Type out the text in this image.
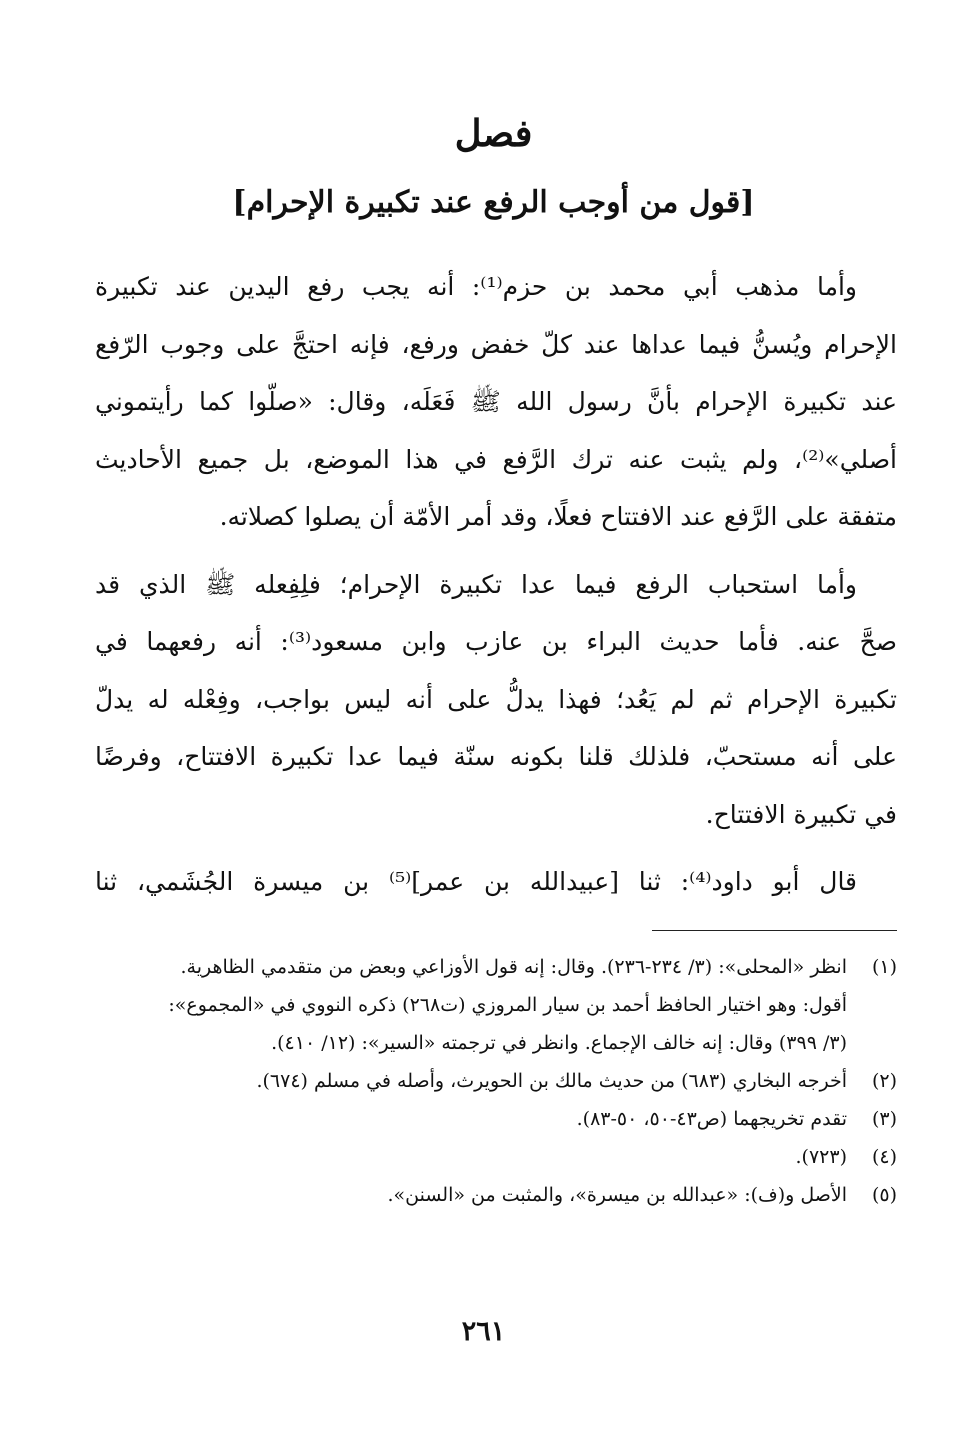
فصل
[قول من أوجب الرفع عند تكبيرة الإحرام]
وأما مذهب أبي محمد بن حزم⁽¹⁾: أنه يجب رفع اليدين عند تكبيرة
الإحرام ويُسنُّ فيما عداها عند كلّ خفض ورفع، فإنه احتجَّ على وجوب الرّفع
عند تكبيرة الإحرام بأنَّ رسول الله ﷺ فَعَلَه، وقال: «صلّوا كما رأيتموني
أصلي»⁽²⁾، ولم يثبت عنه ترك الرَّفع في هذا الموضع، بل جميع الأحاديث
متفقة على الرَّفع عند الافتتاح فعلًا، وقد أمر الأمّة أن يصلوا كصلاته.
وأما استحباب الرفع فيما عدا تكبيرة الإحرام؛ فلِفِعله ﷺ الذي قد
صحَّ عنه. فأما حديث البراء بن عازب وابن مسعود⁽³⁾: أنه رفعهما في
تكبيرة الإحرام ثم لم يَعُد؛ فهذا يدلُّ على أنه ليس بواجب، وفِعْله له يدلّ
على أنه مستحبّ، فلذلك قلنا بكونه سنّة فيما عدا تكبيرة الافتتاح، وفرضًا
في تكبيرة الافتتاح.
قال أبو داود⁽⁴⁾: ثنا [عبيدالله بن عمر]⁽⁵⁾ بن ميسرة الجُشَمي، ثنا
(١)
انظر «المحلى»: (٣/ ٢٣٤-٢٣٦). وقال: إنه قول الأوزاعي وبعض من متقدمي الظاهرية.
أقول: وهو اختيار الحافظ أحمد بن سيار المروزي (ت٢٦٨) ذكره النووي في «المجموع»:
(٣/ ٣٩٩) وقال: إنه خالف الإجماع. وانظر في ترجمته «السير»: (١٢/ ٤١٠).
(٢)
أخرجه البخاري (٦٨٣) من حديث مالك بن الحويرث، وأصله في مسلم (٦٧٤).
(٣)
تقدم تخريجهما (ص٤٣-٥٠، ٥٠-٨٣).
(٤)
(٧٢٣).
(٥)
الأصل و(ف): «عبدالله بن ميسرة»، والمثبت من «السنن».
٢٦١
